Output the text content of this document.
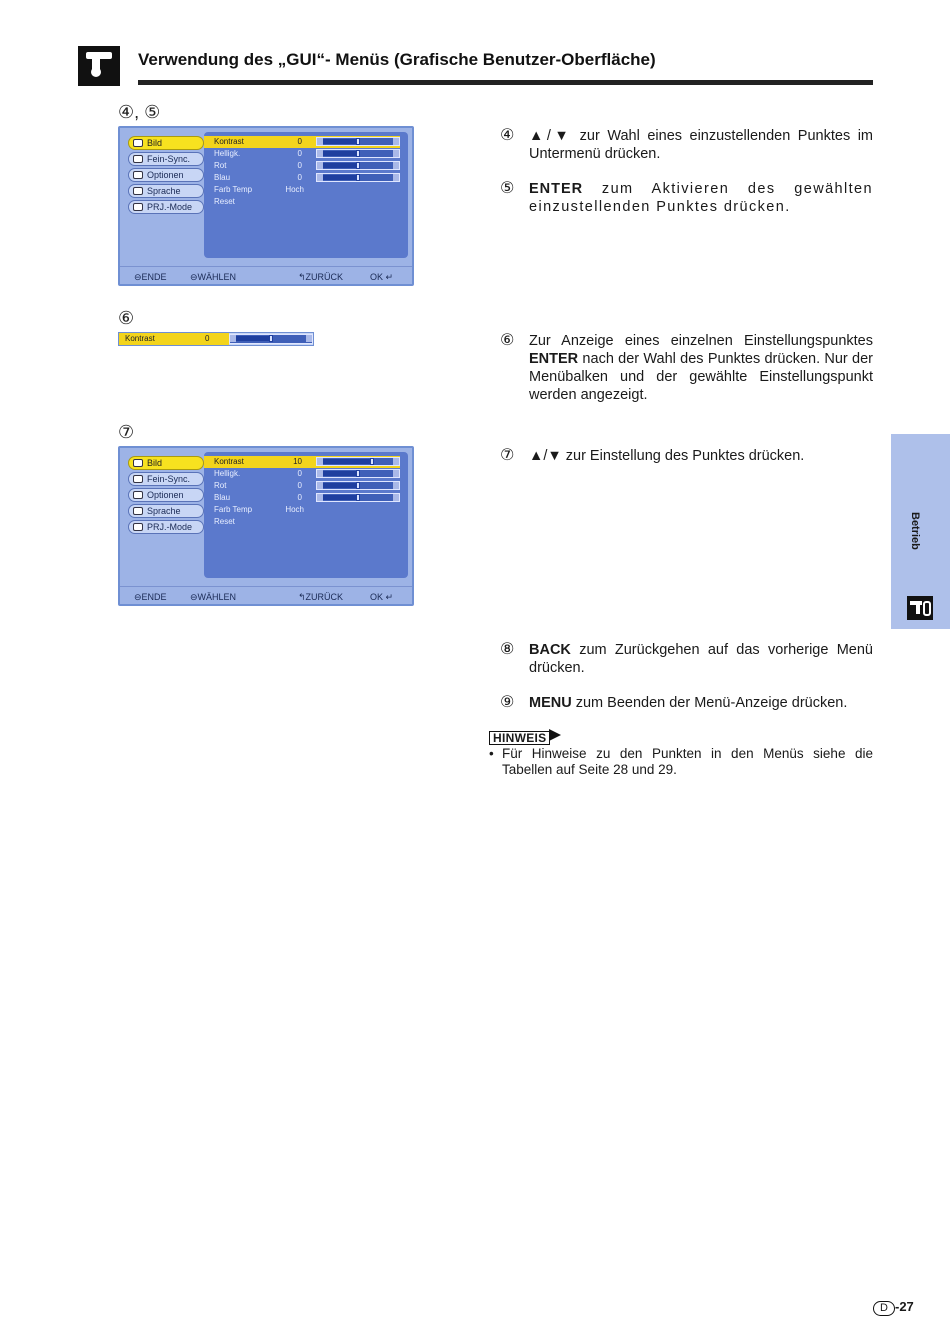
Verwendung des „GUI“- Menüs (Grafische Benutzer-Oberfläche)
④, ⑤
⑥
⑦
Bild
Fein-Sync.
Optionen
Sprache
PRJ.-Mode
Kontrast	0
Helligk.	0
Rot	0
Blau	0
Farb Temp	Hoch
Reset
⊖ENDE	⊖WÄHLEN	↰ZURÜCK	OK ↵
Kontrast	0
Bild
Fein-Sync.
Optionen
Sprache
PRJ.-Mode
Kontrast	10
Helligk.	0
Rot	0
Blau	0
Farb Temp	Hoch
Reset
⊖ENDE	⊖WÄHLEN	↰ZURÜCK	OK ↵
④ ▲/▼ zur Wahl eines einzustellenden Punktes im Untermenü drücken.
⑤ ENTER zum Aktivieren des gewählten einzustellenden Punktes drücken.
⑥ Zur Anzeige eines einzelnen Einstellungspunktes ENTER nach der Wahl des Punktes drücken. Nur der Menübalken und der gewählte Einstellungspunkt werden angezeigt.
⑦ ▲/▼ zur Einstellung des Punktes drücken.
⑧ BACK zum Zurückgehen auf das vorherige Menü drücken.
⑨ MENU zum Beenden der Menü-Anzeige drücken.
HINWEIS
• Für Hinweise zu den Punkten in den Menüs siehe die Tabellen auf Seite 28 und 29.
Betrieb
D -27
